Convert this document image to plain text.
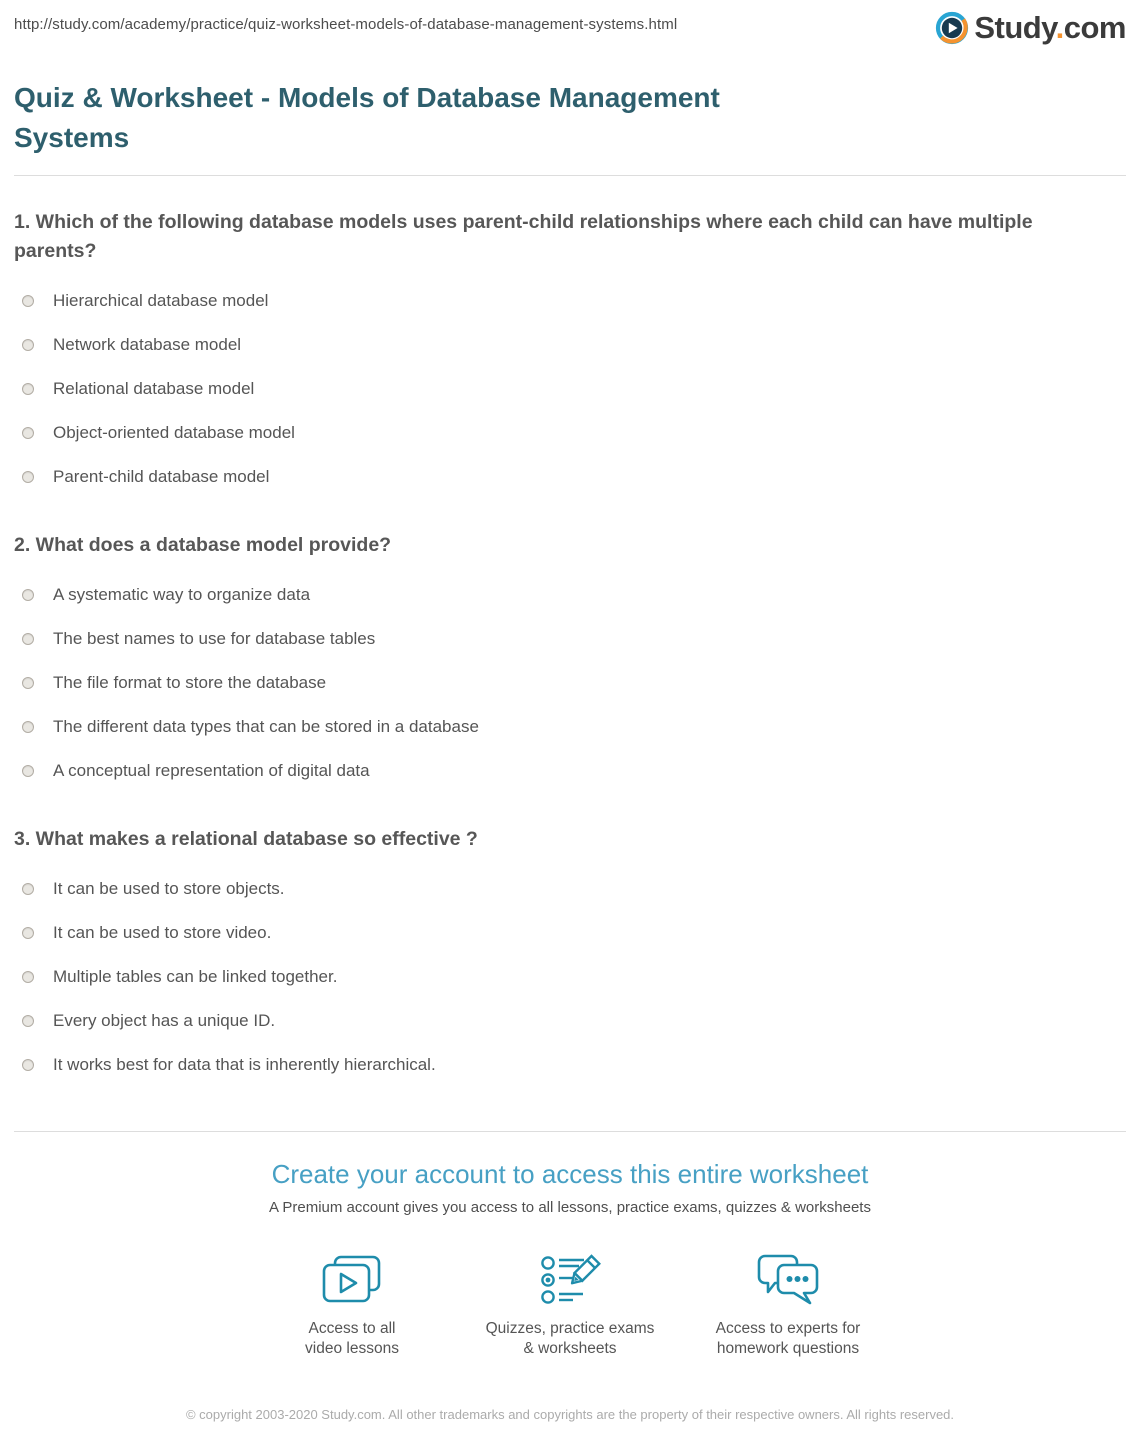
http://study.com/academy/practice/quiz-worksheet-models-of-database-management-systems.html	Study.com
Quiz & Worksheet - Models of Database Management
Systems
1. Which of the following database models uses parent-child relationships where each child can have multiple
parents?
Hierarchical database model
Network database model
Relational database model
Object-oriented database model
Parent-child database model
2. What does a database model provide?
A systematic way to organize data
The best names to use for database tables
The file format to store the database
The different data types that can be stored in a database
A conceptual representation of digital data
3. What makes a relational database so effective ?
It can be used to store objects.
It can be used to store video.
Multiple tables can be linked together.
Every object has a unique ID.
It works best for data that is inherently hierarchical.
Create your account to access this entire worksheet
A Premium account gives you access to all lessons, practice exams, quizzes & worksheets
Access to all
video lessons
Quizzes, practice exams
& worksheets
Access to experts for
homework questions
© copyright 2003-2020 Study.com. All other trademarks and copyrights are the property of their respective owners. All rights reserved.
